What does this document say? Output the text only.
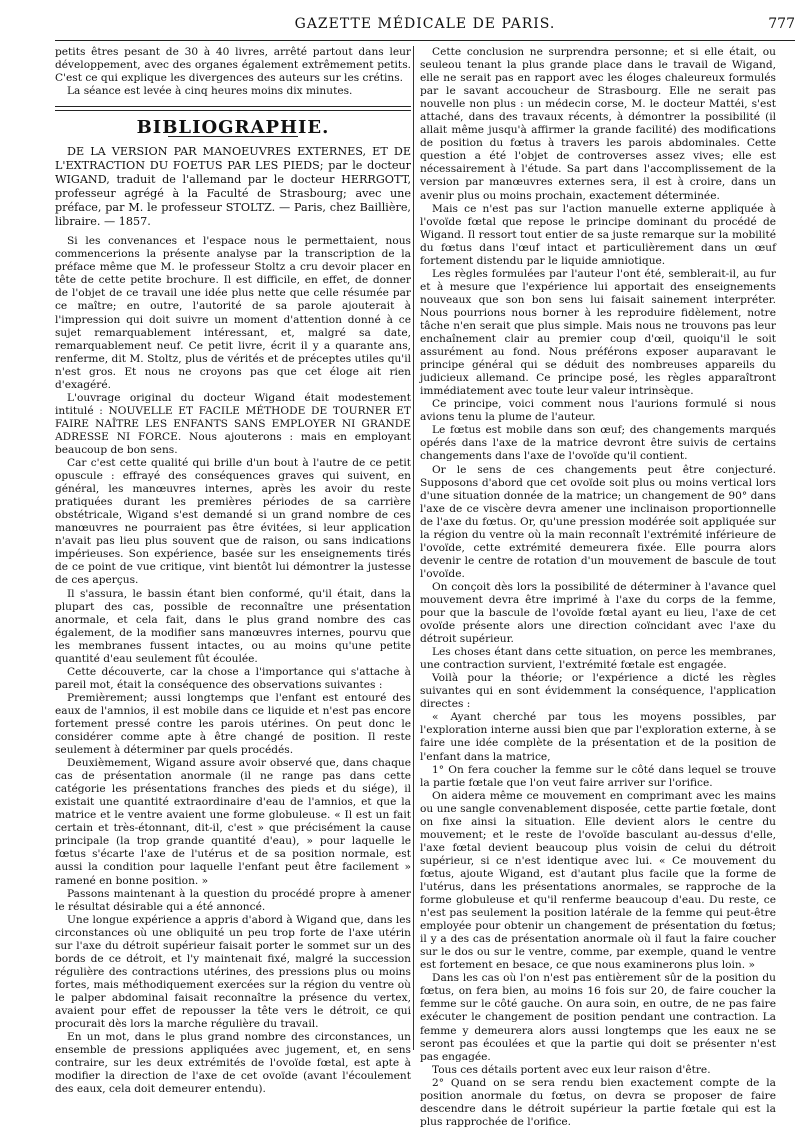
GAZETTE MÉDICALE DE PARIS.	777

petits êtres pesant de 30 à 40 livres, arrêté partout dans leur développement, avec des organes également extrêmement petits. C'est ce qui explique les divergences des auteurs sur les crétins.

La séance est levée à cinq heures moins dix minutes.

BIBLIOGRAPHIE.

DE LA VERSION PAR MANOEUVRES EXTERNES, ET DE L'EXTRACTION DU FOETUS PAR LES PIEDS; par le docteur WIGAND, traduit de l'allemand par le docteur HERRGOTT, professeur agrégé à la Faculté de Strasbourg; avec une préface, par M. le professeur STOLTZ. — Paris, chez Baillière, libraire. — 1857.

Si les convenances et l'espace nous le permettaient, nous commencerions la présente analyse par la transcription de la préface même que M. le professeur Stoltz a cru devoir placer en tête de cette petite brochure. Il est difficile, en effet, de donner de l'objet de ce travail une idée plus nette que celle résumée par ce maître; en outre, l'autorité de sa parole ajouterait à l'impression qui doit suivre un moment d'attention donné à ce sujet remarquablement intéressant, et, malgré sa date, remarquablement neuf. Ce petit livre, écrit il y a quarante ans, renferme, dit M. Stoltz, plus de vérités et de préceptes utiles qu'il n'est gros. Et nous ne croyons pas que cet éloge ait rien d'exagéré.

L'ouvrage original du docteur Wigand était modestement intitulé : NOUVELLE ET FACILE MÉTHODE DE TOURNER ET FAIRE NAÎTRE LES ENFANTS SANS EMPLOYER NI GRANDE ADRESSE NI FORCE. Nous ajouterons : mais en employant beaucoup de bon sens.

Car c'est cette qualité qui brille d'un bout à l'autre de ce petit opuscule : effrayé des conséquences graves qui suivent, en général, les manœuvres internes, après les avoir du reste pratiquées durant les premières périodes de sa carrière obstétricale, Wigand s'est demandé si un grand nombre de ces manœuvres ne pourraient pas être évitées, si leur application n'avait pas lieu plus souvent que de raison, ou sans indications impérieuses. Son expérience, basée sur les enseignements tirés de ce point de vue critique, vint bientôt lui démontrer la justesse de ces aperçus.

Il s'assura, le bassin étant bien conformé, qu'il était, dans la plupart des cas, possible de reconnaître une présentation anormale, et cela fait, dans le plus grand nombre des cas également, de la modifier sans manœuvres internes, pourvu que les membranes fussent intactes, ou au moins qu'une petite quantité d'eau seulement fût écoulée.

Cette découverte, car la chose a l'importance qui s'attache à pareil mot, était la conséquence des observations suivantes :

Premièrement; aussi longtemps que l'enfant est entouré des eaux de l'amnios, il est mobile dans ce liquide et n'est pas encore fortement pressé contre les parois utérines. On peut donc le considérer comme apte à être changé de position. Il reste seulement à déterminer par quels procédés.

Deuxièmement, Wigand assure avoir observé que, dans chaque cas de présentation anormale (il ne range pas dans cette catégorie les présentations franches des pieds et du siége), il existait une quantité extraordinaire d'eau de l'amnios, et que la matrice et le ventre avaient une forme globuleuse. « Il est un fait certain et très-étonnant, dit-il, c'est » que précisément la cause principale (la trop grande quantité d'eau), » pour laquelle le fœtus s'écarte l'axe de l'utérus et de sa position normale, est aussi la condition pour laquelle l'enfant peut être facilement » ramené en bonne position. »

Passons maintenant à la question du procédé propre à amener le résultat désirable qui a été annoncé.

Une longue expérience a appris d'abord à Wigand que, dans les circonstances où une obliquité un peu trop forte de l'axe utérin sur l'axe du détroit supérieur faisait porter le sommet sur un des bords de ce détroit, et l'y maintenait fixé, malgré la succession régulière des contractions utérines, des pressions plus ou moins fortes, mais méthodiquement exercées sur la région du ventre où le palper abdominal faisait reconnaître la présence du vertex, avaient pour effet de repousser la tête vers le détroit, ce qui procurait dès lors la marche régulière du travail.

En un mot, dans le plus grand nombre des circonstances, un ensemble de pressions appliquées avec jugement, et, en sens contraire, sur les deux extrémités de l'ovoïde fœtal, est apte à modifier la direction de l'axe de cet ovoïde (avant l'écoulement des eaux, cela doit demeurer entendu).

Cette conclusion ne surprendra personne; et si elle était, ou seuleou tenant la plus grande place dans le travail de Wigand, elle ne serait pas en rapport avec les éloges chaleureux formulés par le savant accoucheur de Strasbourg. Elle ne serait pas nouvelle non plus : un médecin corse, M. le docteur Mattéi, s'est attaché, dans des travaux récents, à démontrer la possibilité (il allait même jusqu'à affirmer la grande facilité) des modifications de position du fœtus à travers les parois abdominales. Cette question a été l'objet de controverses assez vives; elle est nécessairement à l'étude. Sa part dans l'accomplissement de la version par manœuvres externes sera, il est à croire, dans un avenir plus ou moins prochain, exactement déterminée.

Mais ce n'est pas sur l'action manuelle externe appliquée à l'ovoïde fœtal que repose le principe dominant du procédé de Wigand. Il ressort tout entier de sa juste remarque sur la mobilité du fœtus dans l'œuf intact et particulièrement dans un œuf fortement distendu par le liquide amniotique.

Les règles formulées par l'auteur l'ont été, semblerait-il, au fur et à mesure que l'expérience lui apportait des enseignements nouveaux que son bon sens lui faisait sainement interpréter. Nous pourrions nous borner à les reproduire fidèlement, notre tâche n'en serait que plus simple. Mais nous ne trouvons pas leur enchaînement clair au premier coup d'œil, quoiqu'il le soit assurément au fond. Nous préférons exposer auparavant le principe général qui se déduit des nombreuses appareils du judicieux allemand. Ce principe posé, les règles apparaîtront immédiatement avec toute leur valeur intrinsèque.

Ce principe, voici comment nous l'aurions formulé si nous avions tenu la plume de l'auteur.

Le fœtus est mobile dans son œuf; des changements marqués opérés dans l'axe de la matrice devront être suivis de certains changements dans l'axe de l'ovoïde qu'il contient.

Or le sens de ces changements peut être conjecturé. Supposons d'abord que cet ovoïde soit plus ou moins vertical lors d'une situation donnée de la matrice; un changement de 90° dans l'axe de ce viscère devra amener une inclinaison proportionnelle de l'axe du fœtus. Or, qu'une pression modérée soit appliquée sur la région du ventre où la main reconnaît l'extrémité inférieure de l'ovoïde, cette extrémité demeurera fixée. Elle pourra alors devenir le centre de rotation d'un mouvement de bascule de tout l'ovoïde.

On conçoit dès lors la possibilité de déterminer à l'avance quel mouvement devra être imprimé à l'axe du corps de la femme, pour que la bascule de l'ovoïde fœtal ayant eu lieu, l'axe de cet ovoïde présente alors une direction coïncidant avec l'axe du détroit supérieur.

Les choses étant dans cette situation, on perce les membranes, une contraction survient, l'extrémité fœtale est engagée.

Voilà pour la théorie; or l'expérience a dicté les règles suivantes qui en sont évidemment la conséquence, l'application directes :

« Ayant cherché par tous les moyens possibles, par l'exploration interne aussi bien que par l'exploration externe, à se faire une idée complète de la présentation et de la position de l'enfant dans la matrice,

1° On fera coucher la femme sur le côté dans lequel se trouve la partie fœtale que l'on veut faire arriver sur l'orifice.

On aidera même ce mouvement en comprimant avec les mains ou une sangle convenablement disposée, cette partie fœtale, dont on fixe ainsi la situation. Elle devient alors le centre du mouvement; et le reste de l'ovoïde basculant au-dessus d'elle, l'axe fœtal devient beaucoup plus voisin de celui du détroit supérieur, si ce n'est identique avec lui. « Ce mouvement du fœtus, ajoute Wigand, est d'autant plus facile que la forme de l'utérus, dans les présentations anormales, se rapproche de la forme globuleuse et qu'il renferme beaucoup d'eau. Du reste, ce n'est pas seulement la position latérale de la femme qui peut-être employée pour obtenir un changement de présentation du fœtus; il y a des cas de présentation anormale où il faut la faire coucher sur le dos ou sur le ventre, comme, par exemple, quand le ventre est fortement en besace, ce que nous examinerons plus loin. »

Dans les cas où l'on n'est pas entièrement sûr de la position du fœtus, on fera bien, au moins 16 fois sur 20, de faire coucher la femme sur le côté gauche. On aura soin, en outre, de ne pas faire exécuter le changement de position pendant une contraction. La femme y demeurera alors aussi longtemps que les eaux ne se seront pas écoulées et que la partie qui doit se présenter n'est pas engagée.

Tous ces détails portent avec eux leur raison d'être.

2° Quand on se sera rendu bien exactement compte de la position anormale du fœtus, on devra se proposer de faire descendre dans le détroit supérieur la partie fœtale qui est la plus rapprochée de l'orifice.
